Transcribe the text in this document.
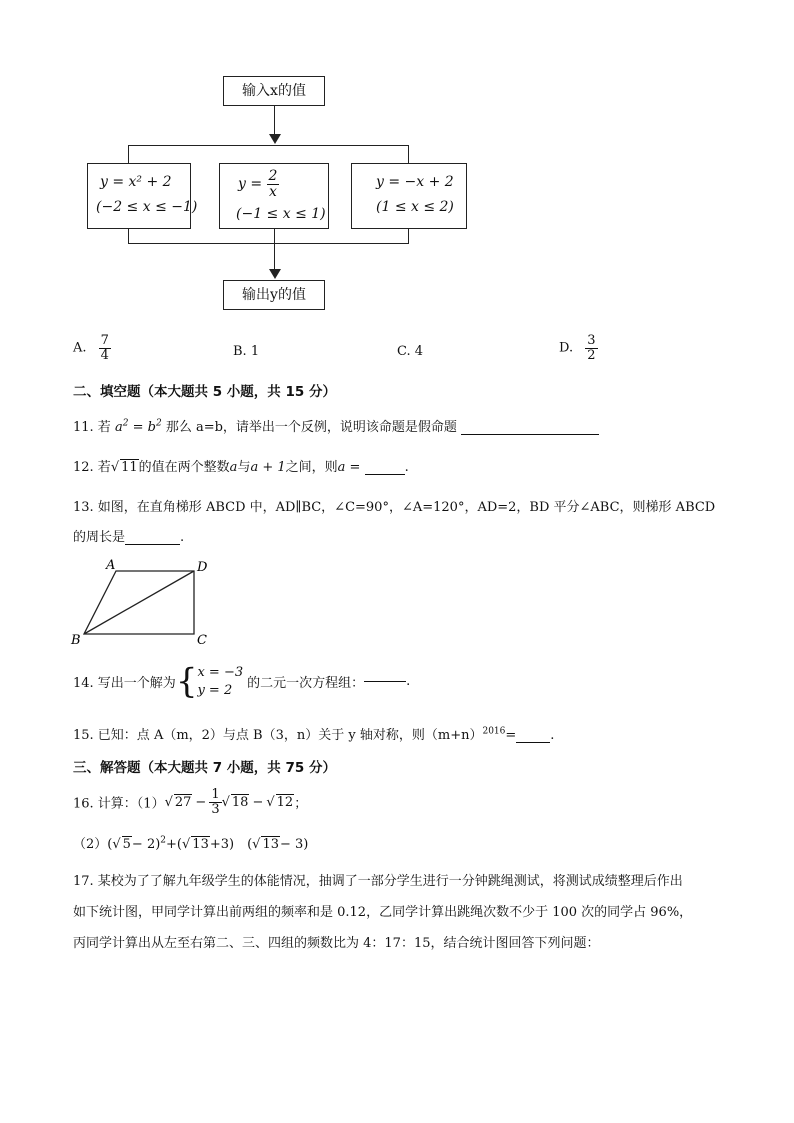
输入x的值
y = x² + 2
(−2 ≤ x ≤ −1)
$y = \frac{2}{x}$
(−1 ≤ x ≤ 1)
y = −x + 2
(1 ≤ x ≤ 2)
输出y的值
A. $\frac{7}{4}$	B. 1	C. 4	D. $\frac{3}{2}$
二、填空题（本大题共 5 小题，共 15 分）
11. 若 $a^2 = b^2$ 那么 a=b，请举出一个反例，说明该命题是假命题
12. 若√ 11的值在两个整数a与a + 1之间，则a =	.
13. 如图，在直角梯形 ABCD 中，AD∥BC，∠C=90°，∠A=120°，AD=2，BD 平分∠ABC，则梯形 ABCD
的周长是	.
A	D
B	C
14. 写出一个解为{ x = −3
y = 2	的二元一次方程组：	.
15. 已知：点 A（m，2）与点 B（3，n）关于 y 轴对称，则$(m+n)^{2016}=$	.
三、解答题（本大题共 7 小题，共 75 分）
16. 计算：（1）√ $27 - \frac{1}{3}$ √ 18 − √ 12；
（2）(√ 5− 2)$^2$+(√ 13+3)　(√ 13− 3)
17. 某校为了了解九年级学生的体能情况，抽调了一部分学生进行一分钟跳绳测试，将测试成绩整理后作出
如下统计图，甲同学计算出前两组的频率和是 0.12，乙同学计算出跳绳次数不少于 100 次的同学占 96%，
丙同学计算出从左至右第二、三、四组的频数比为 4：17：15，结合统计图回答下列问题：
